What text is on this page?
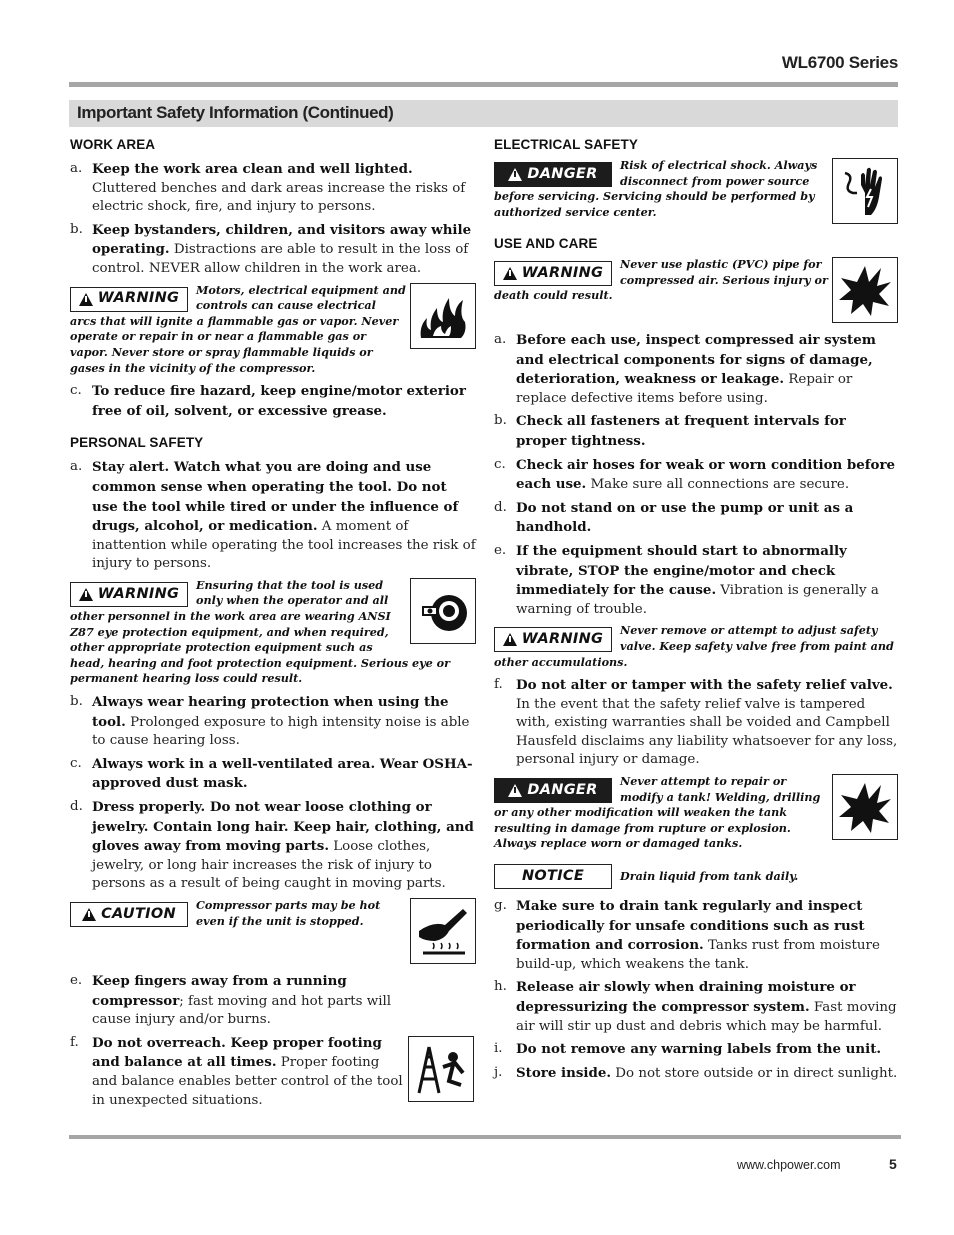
WL6700 Series
Important Safety Information (Continued)
WORK AREA
a. Keep the work area clean and well lighted. Cluttered benches and dark areas increase the risks of electric shock, fire, and injury to persons.
b. Keep bystanders, children, and visitors away while operating. Distractions are able to result in the loss of control. NEVER allow children in the work area.
WARNING
Motors, electrical equipment and controls can cause electrical arcs that will ignite a flammable gas or vapor. Never operate or repair in or near a flammable gas or vapor. Never store or spray flammable liquids or gases in the vicinity of the compressor.
c. To reduce fire hazard, keep engine/motor exterior free of oil, solvent, or excessive grease.
PERSONAL SAFETY
a. Stay alert. Watch what you are doing and use common sense when operating the tool. Do not use the tool while tired or under the influence of drugs, alcohol, or medication. A moment of inattention while operating the tool increases the risk of injury to persons.
WARNING
Ensuring that the tool is used only when the operator and all other personnel in the work area are wearing ANSI Z87 eye protection equipment, and when required, other appropriate protection equipment such as head, hearing and foot protection equipment. Serious eye or permanent hearing loss could result.
b. Always wear hearing protection when using the tool. Prolonged exposure to high intensity noise is able to cause hearing loss.
c. Always work in a well-ventilated area. Wear OSHA-approved dust mask.
d. Dress properly. Do not wear loose clothing or jewelry. Contain long hair. Keep hair, clothing, and gloves away from moving parts. Loose clothes, jewelry, or long hair increases the risk of injury to persons as a result of being caught in moving parts.
CAUTION
Compressor parts may be hot even if the unit is stopped.
e. Keep fingers away from a running compressor; fast moving and hot parts will cause injury and/or burns.
f. Do not overreach. Keep proper footing and balance at all times. Proper footing and balance enables better control of the tool in unexpected situations.
ELECTRICAL SAFETY
DANGER
Risk of electrical shock. Always disconnect from power source before servicing. Servicing should be performed by authorized service center.
USE AND CARE
WARNING
Never use plastic (PVC) pipe for compressed air. Serious injury or death could result.
a. Before each use, inspect compressed air system and electrical components for signs of damage, deterioration, weakness or leakage. Repair or replace defective items before using.
b. Check all fasteners at frequent intervals for proper tightness.
c. Check air hoses for weak or worn condition before each use. Make sure all connections are secure.
d. Do not stand on or use the pump or unit as a handhold.
e. If the equipment should start to abnormally vibrate, STOP the engine/motor and check immediately for the cause. Vibration is generally a warning of trouble.
WARNING
Never remove or attempt to adjust safety valve. Keep safety valve free from paint and other accumulations.
f. Do not alter or tamper with the safety relief valve. In the event that the safety relief valve is tampered with, existing warranties shall be voided and Campbell Hausfeld disclaims any liability whatsoever for any loss, personal injury or damage.
DANGER
Never attempt to repair or modify a tank! Welding, drilling or any other modification will weaken the tank resulting in damage from rupture or explosion. Always replace worn or damaged tanks.
NOTICE	Drain liquid from tank daily.
g. Make sure to drain tank regularly and inspect periodically for unsafe conditions such as rust formation and corrosion. Tanks rust from moisture build-up, which weakens the tank.
h. Release air slowly when draining moisture or depressurizing the compressor system. Fast moving air will stir up dust and debris which may be harmful.
i.	Do not remove any warning labels from the unit.
j.	Store inside. Do not store outside or in direct sunlight.
www.chpower.com	5
